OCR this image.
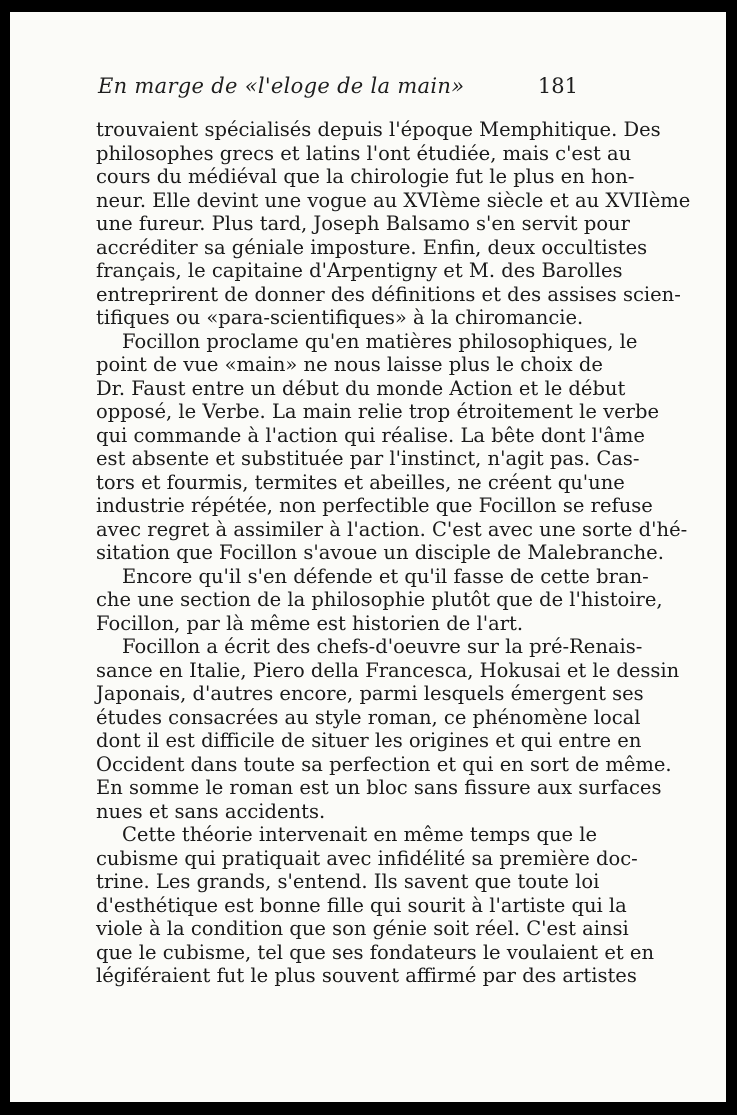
En marge de «l'eloge de la main»	181

trouvaient spécialisés depuis l'époque Memphitique. Des
philosophes grecs et latins l'ont étudiée, mais c'est au
cours du médiéval que la chirologie fut le plus en hon-
neur. Elle devint une vogue au XVIème siècle et au XVIIème
une fureur. Plus tard, Joseph Balsamo s'en servit pour
accréditer sa géniale imposture. Enfin, deux occultistes
français, le capitaine d'Arpentigny et M. des Barolles
entreprirent de donner des définitions et des assises scien-
tifiques ou «para-scientifiques» à la chiromancie.

Focillon proclame qu'en matières philosophiques, le
point de vue «main» ne nous laisse plus le choix de
Dr. Faust entre un début du monde Action et le début
opposé, le Verbe. La main relie trop étroitement le verbe
qui commande à l'action qui réalise. La bête dont l'âme
est absente et substituée par l'instinct, n'agit pas. Cas-
tors et fourmis, termites et abeilles, ne créent qu'une
industrie répétée, non perfectible que Focillon se refuse
avec regret à assimiler à l'action. C'est avec une sorte d'hé-
sitation que Focillon s'avoue un disciple de Malebranche.

Encore qu'il s'en défende et qu'il fasse de cette bran-
che une section de la philosophie plutôt que de l'histoire,
Focillon, par là même est historien de l'art.

Focillon a écrit des chefs-d'oeuvre sur la pré-Renais-
sance en Italie, Piero della Francesca, Hokusai et le dessin
Japonais, d'autres encore, parmi lesquels émergent ses
études consacrées au style roman, ce phénomène local
dont il est difficile de situer les origines et qui entre en
Occident dans toute sa perfection et qui en sort de même.
En somme le roman est un bloc sans fissure aux surfaces
nues et sans accidents.

Cette théorie intervenait en même temps que le
cubisme qui pratiquait avec infidélité sa première doc-
trine. Les grands, s'entend. Ils savent que toute loi
d'esthétique est bonne fille qui sourit à l'artiste qui la
viole à la condition que son génie soit réel. C'est ainsi
que le cubisme, tel que ses fondateurs le voulaient et en
légiféraient fut le plus souvent affirmé par des artistes
